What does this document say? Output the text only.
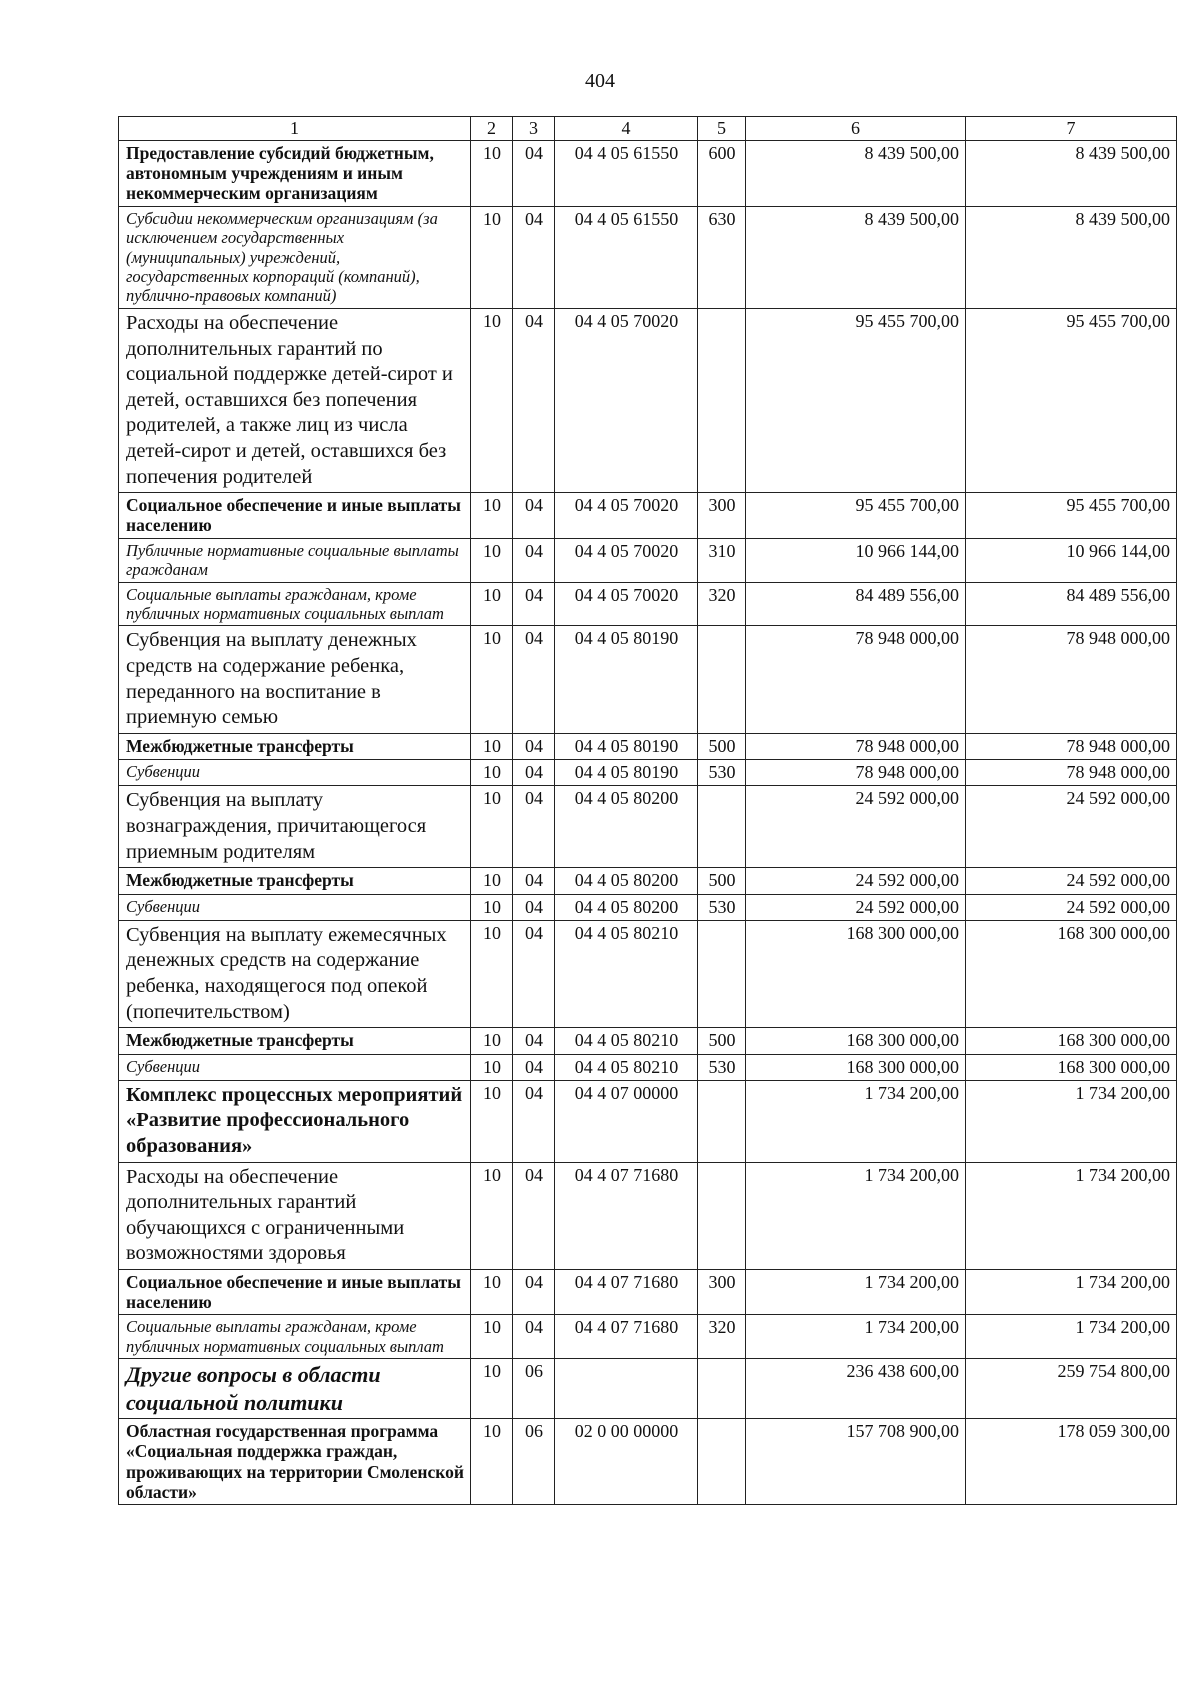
404
1	2	3	4	5	6	7
Предоставление субсидий бюджетным, автономным учреждениям и иным некоммерческим организациям	10	04	04 4 05 61550	600	8 439 500,00	8 439 500,00
Субсидии некоммерческим организациям (за исключением государственных (муниципальных) учреждений, государственных корпораций (компаний), публично-правовых компаний)	10	04	04 4 05 61550	630	8 439 500,00	8 439 500,00
Расходы на обеспечение дополнительных гарантий по социальной поддержке детей-сирот и детей, оставшихся без попечения родителей, а также лиц из числа детей-сирот и детей, оставшихся без попечения родителей	10	04	04 4 05 70020		95 455 700,00	95 455 700,00
Социальное обеспечение и иные выплаты населению	10	04	04 4 05 70020	300	95 455 700,00	95 455 700,00
Публичные нормативные социальные выплаты гражданам	10	04	04 4 05 70020	310	10 966 144,00	10 966 144,00
Социальные выплаты гражданам, кроме публичных нормативных социальных выплат	10	04	04 4 05 70020	320	84 489 556,00	84 489 556,00
Субвенция на выплату денежных средств на содержание ребенка, переданного на воспитание в приемную семью	10	04	04 4 05 80190		78 948 000,00	78 948 000,00
Межбюджетные трансферты	10	04	04 4 05 80190	500	78 948 000,00	78 948 000,00
Субвенции	10	04	04 4 05 80190	530	78 948 000,00	78 948 000,00
Субвенция на выплату вознаграждения, причитающегося приемным родителям	10	04	04 4 05 80200		24 592 000,00	24 592 000,00
Межбюджетные трансферты	10	04	04 4 05 80200	500	24 592 000,00	24 592 000,00
Субвенции	10	04	04 4 05 80200	530	24 592 000,00	24 592 000,00
Субвенция на выплату ежемесячных денежных средств на содержание ребенка, находящегося под опекой (попечительством)	10	04	04 4 05 80210		168 300 000,00	168 300 000,00
Межбюджетные трансферты	10	04	04 4 05 80210	500	168 300 000,00	168 300 000,00
Субвенции	10	04	04 4 05 80210	530	168 300 000,00	168 300 000,00
Комплекс процессных мероприятий «Развитие профессионального образования»	10	04	04 4 07 00000		1 734 200,00	1 734 200,00
Расходы на обеспечение дополнительных гарантий обучающихся с ограниченными возможностями здоровья	10	04	04 4 07 71680		1 734 200,00	1 734 200,00
Социальное обеспечение и иные выплаты населению	10	04	04 4 07 71680	300	1 734 200,00	1 734 200,00
Социальные выплаты гражданам, кроме публичных нормативных социальных выплат	10	04	04 4 07 71680	320	1 734 200,00	1 734 200,00
Другие вопросы в области социальной политики	10	06			236 438 600,00	259 754 800,00
Областная государственная программа «Социальная поддержка граждан, проживающих на территории Смоленской области»	10	06	02 0 00 00000		157 708 900,00	178 059 300,00
